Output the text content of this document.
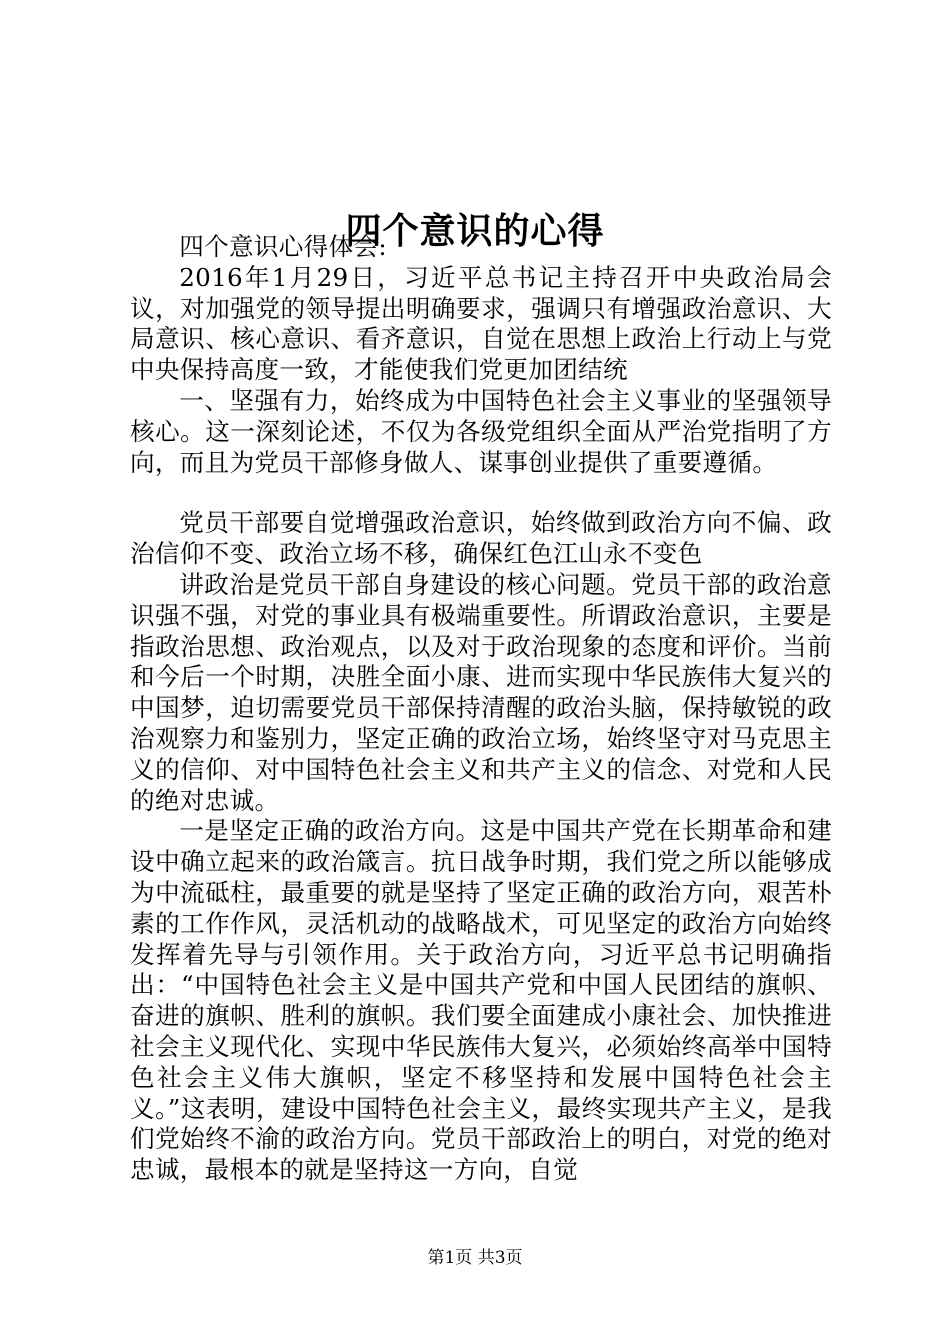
四个意识的心得

四个意识心得体会:

2016年1月29日，习近平总书记主持召开中央政治局会议，对加强党的领导提出明确要求，强调只有增强政治意识、大局意识、核心意识、看齐意识，自觉在思想上政治上行动上与党中央保持高度一致，才能使我们党更加团结统

一、坚强有力，始终成为中国特色社会主义事业的坚强领导核心。这一深刻论述，不仅为各级党组织全面从严治党指明了方向，而且为党员干部修身做人、谋事创业提供了重要遵循。

党员干部要自觉增强政治意识，始终做到政治方向不偏、政治信仰不变、政治立场不移，确保红色江山永不变色

讲政治是党员干部自身建设的核心问题。党员干部的政治意识强不强，对党的事业具有极端重要性。所谓政治意识，主要是指政治思想、政治观点，以及对于政治现象的态度和评价。当前和今后一个时期，决胜全面小康、进而实现中华民族伟大复兴的中国梦，迫切需要党员干部保持清醒的政治头脑，保持敏锐的政治观察力和鉴别力，坚定正确的政治立场，始终坚守对马克思主义的信仰、对中国特色社会主义和共产主义的信念、对党和人民的绝对忠诚。

一是坚定正确的政治方向。这是中国共产党在长期革命和建设中确立起来的政治箴言。抗日战争时期，我们党之所以能够成为中流砥柱，最重要的就是坚持了坚定正确的政治方向，艰苦朴素的工作作风，灵活机动的战略战术，可见坚定的政治方向始终发挥着先导与引领作用。关于政治方向，习近平总书记明确指出：“中国特色社会主义是中国共产党和中国人民团结的旗帜、奋进的旗帜、胜利的旗帜。我们要全面建成小康社会、加快推进社会主义现代化、实现中华民族伟大复兴，必须始终高举中国特色社会主义伟大旗帜，坚定不移坚持和发展中国特色社会主义。”这表明，建设中国特色社会主义，最终实现共产主义，是我们党始终不渝的政治方向。党员干部政治上的明白，对党的绝对忠诚，最根本的就是坚持这一方向，自觉

第1页 共3页
